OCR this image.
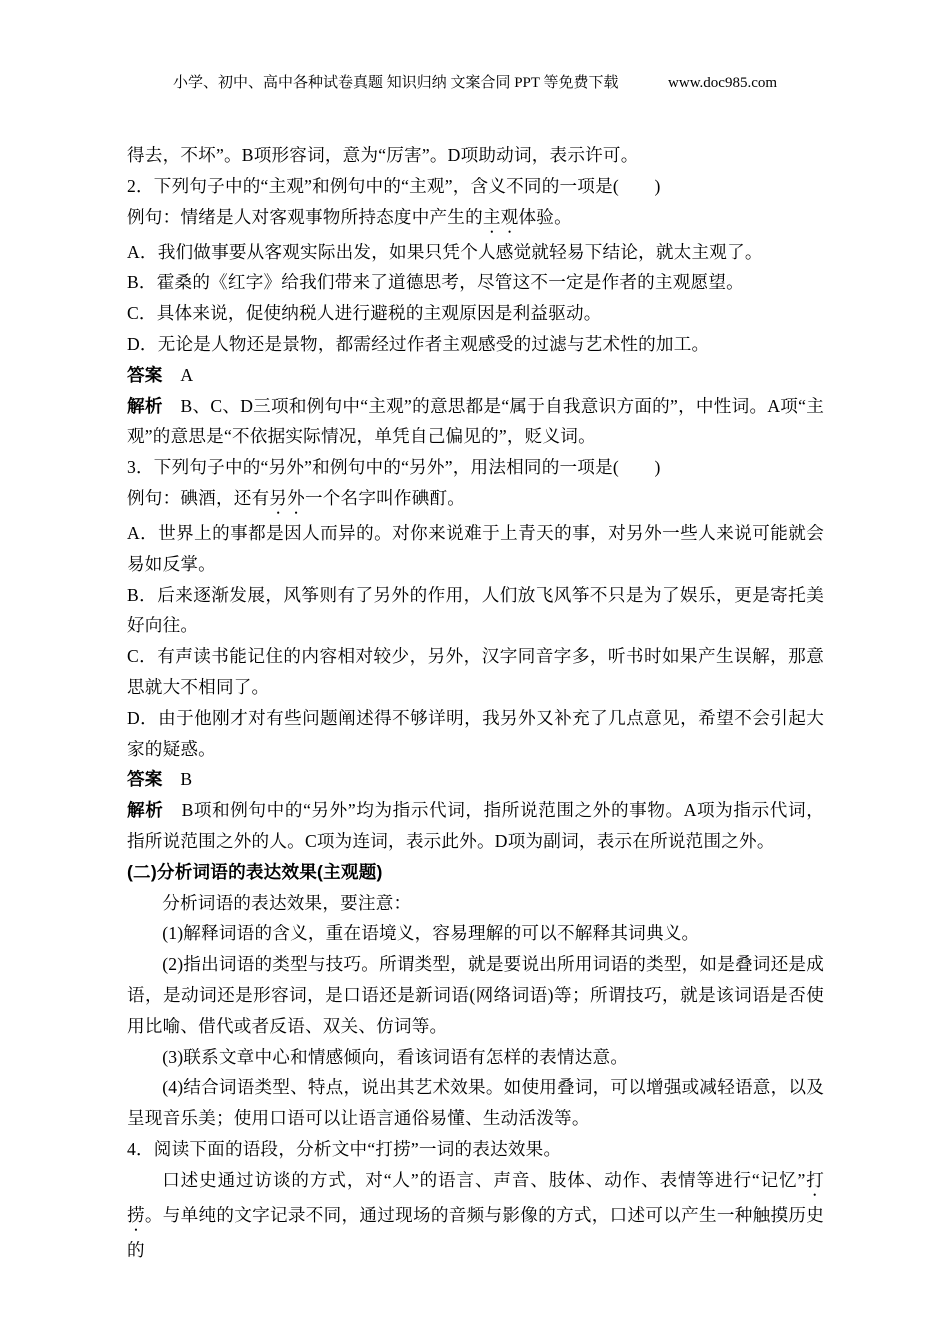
小学、初中、高中各种试卷真题 知识归纳 文案合同 PPT 等免费下载	www.doc985.com

得去，不坏”。B项形容词，意为“厉害”。D项助动词，表示许可。

2．下列句子中的“主观”和例句中的“主观”，含义不同的一项是(　　)

例句：情绪是人对客观事物所持态度中产生的主观体验。

A．我们做事要从客观实际出发，如果只凭个人感觉就轻易下结论，就太主观了。

B．霍桑的《红字》给我们带来了道德思考，尽管这不一定是作者的主观愿望。

C．具体来说，促使纳税人进行避税的主观原因是利益驱动。

D．无论是人物还是景物，都需经过作者主观感受的过滤与艺术性的加工。

答案　A

解析　B、C、D三项和例句中“主观”的意思都是“属于自我意识方面的”，中性词。A项“主观”的意思是“不依据实际情况，单凭自己偏见的”，贬义词。

3．下列句子中的“另外”和例句中的“另外”，用法相同的一项是(　　)

例句：碘酒，还有另外一个名字叫作碘酊。

A．世界上的事都是因人而异的。对你来说难于上青天的事，对另外一些人来说可能就会易如反掌。

B．后来逐渐发展，风筝则有了另外的作用，人们放飞风筝不只是为了娱乐，更是寄托美好向往。

C．有声读书能记住的内容相对较少，另外，汉字同音字多，听书时如果产生误解，那意思就大不相同了。

D．由于他刚才对有些问题阐述得不够详明，我另外又补充了几点意见，希望不会引起大家的疑惑。

答案　B

解析　B项和例句中的“另外”均为指示代词，指所说范围之外的事物。A项为指示代词，指所说范围之外的人。C项为连词，表示此外。D项为副词，表示在所说范围之外。

(二)分析词语的表达效果(主观题)

分析词语的表达效果，要注意：

(1)解释词语的含义，重在语境义，容易理解的可以不解释其词典义。

(2)指出词语的类型与技巧。所谓类型，就是要说出所用词语的类型，如是叠词还是成语，是动词还是形容词，是口语还是新词语(网络词语)等；所谓技巧，就是该词语是否使用比喻、借代或者反语、双关、仿词等。

(3)联系文章中心和情感倾向，看该词语有怎样的表情达意。

(4)结合词语类型、特点，说出其艺术效果。如使用叠词，可以增强或减轻语意，以及呈现音乐美；使用口语可以让语言通俗易懂、生动活泼等。

4．阅读下面的语段，分析文中“打捞”一词的表达效果。

口述史通过访谈的方式，对“人”的语言、声音、肢体、动作、表情等进行“记忆”打捞。与单纯的文字记录不同，通过现场的音频与影像的方式，口述可以产生一种触摸历史的
